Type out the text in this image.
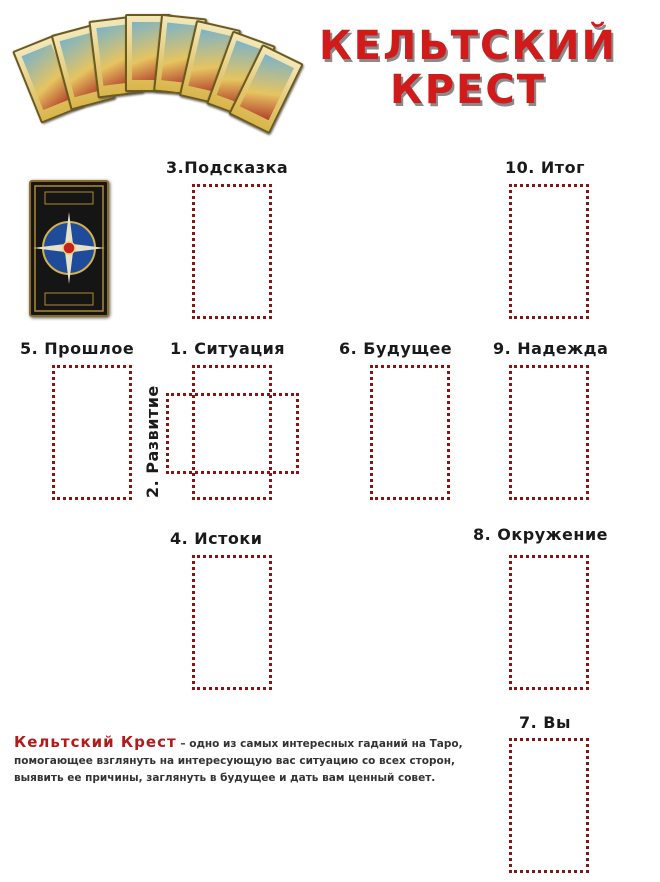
КЕЛЬТСКИЙ
КРЕСТ
3.Подсказка	10. Итог
5. Прошлое 1. Ситуация	6. Будущее	9. Надежда
2. Развитие
4. Истоки	8. Окружение
7. Вы
Кельтский Крест – одно из самых интересных гаданий на Таро, помогающее взглянуть на интересующую вас ситуацию со всех сторон, выявить ее причины, заглянуть в будущее и дать вам ценный совет.
